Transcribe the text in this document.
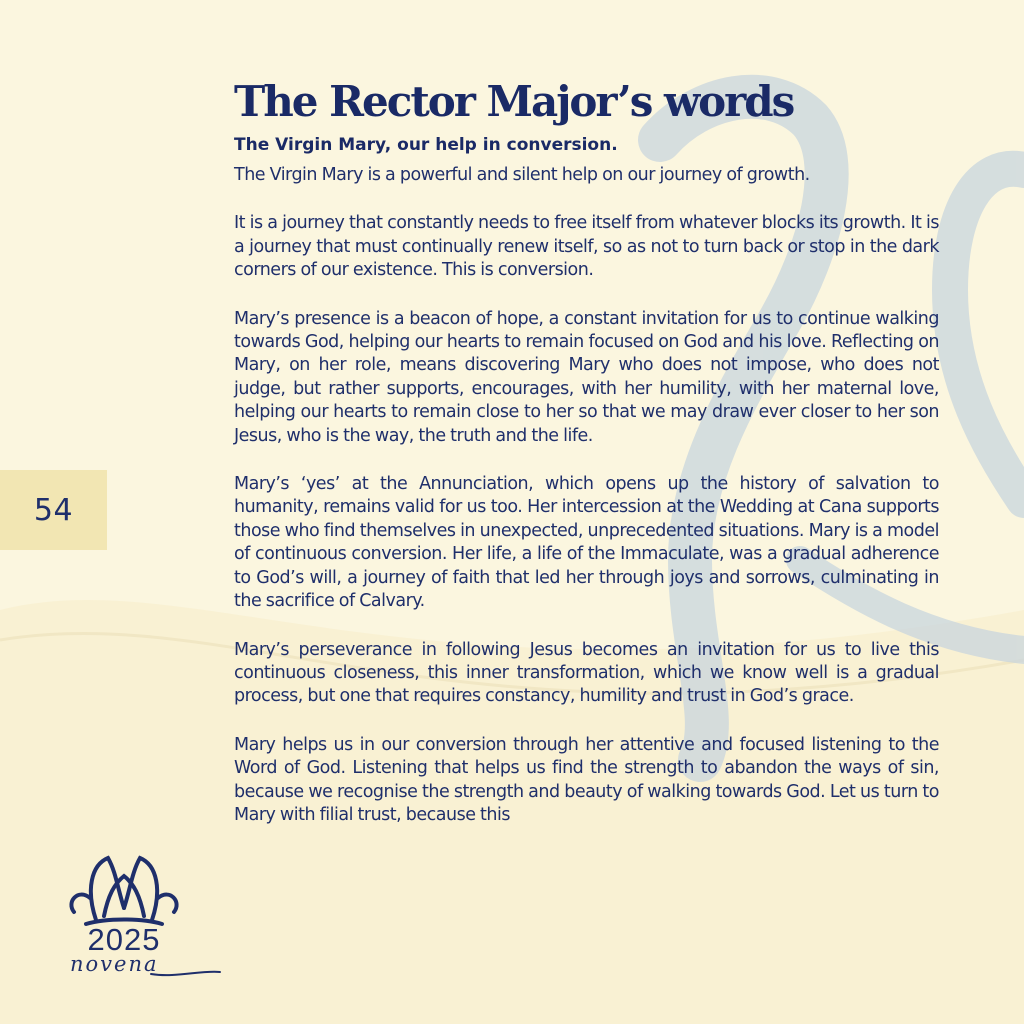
54
The Rector Major’s words
The Virgin Mary, our help in conversion.

The Virgin Mary is a powerful and silent help on our journey of growth.

It is a journey that constantly needs to free itself from whatever blocks its growth. It is a journey that must continually renew itself, so as not to turn back or stop in the dark corners of our existence. This is conversion.

Mary’s presence is a beacon of hope, a constant invitation for us to continue walking towards God, helping our hearts to remain focused on God and his love. Reflecting on Mary, on her role, means discovering Mary who does not impose, who does not judge, but rather supports, encourages, with her humility, with her maternal love, helping our hearts to remain close to her so that we may draw ever closer to her son Jesus, who is the way, the truth and the life.

Mary’s ‘yes’ at the Annunciation, which opens up the history of salvation to humanity, remains valid for us too. Her intercession at the Wedding at Cana supports those who find themselves in unexpected, unprecedented situations. Mary is a model of continuous conversion. Her life, a life of the Immaculate, was a gradual adherence to God’s will, a journey of faith that led her through joys and sorrows, culminating in the sacrifice of Calvary.

Mary’s perseverance in following Jesus becomes an invitation for us to live this continuous closeness, this inner transformation, which we know well is a gradual process, but one that requires constancy, humility and trust in God’s grace.

Mary helps us in our conversion through her attentive and focused listening to the Word of God. Listening that helps us find the strength to abandon the ways of sin, because we recognise the strength and beauty of walking towards God. Let us turn to Mary with filial trust, because this

2025
novena
